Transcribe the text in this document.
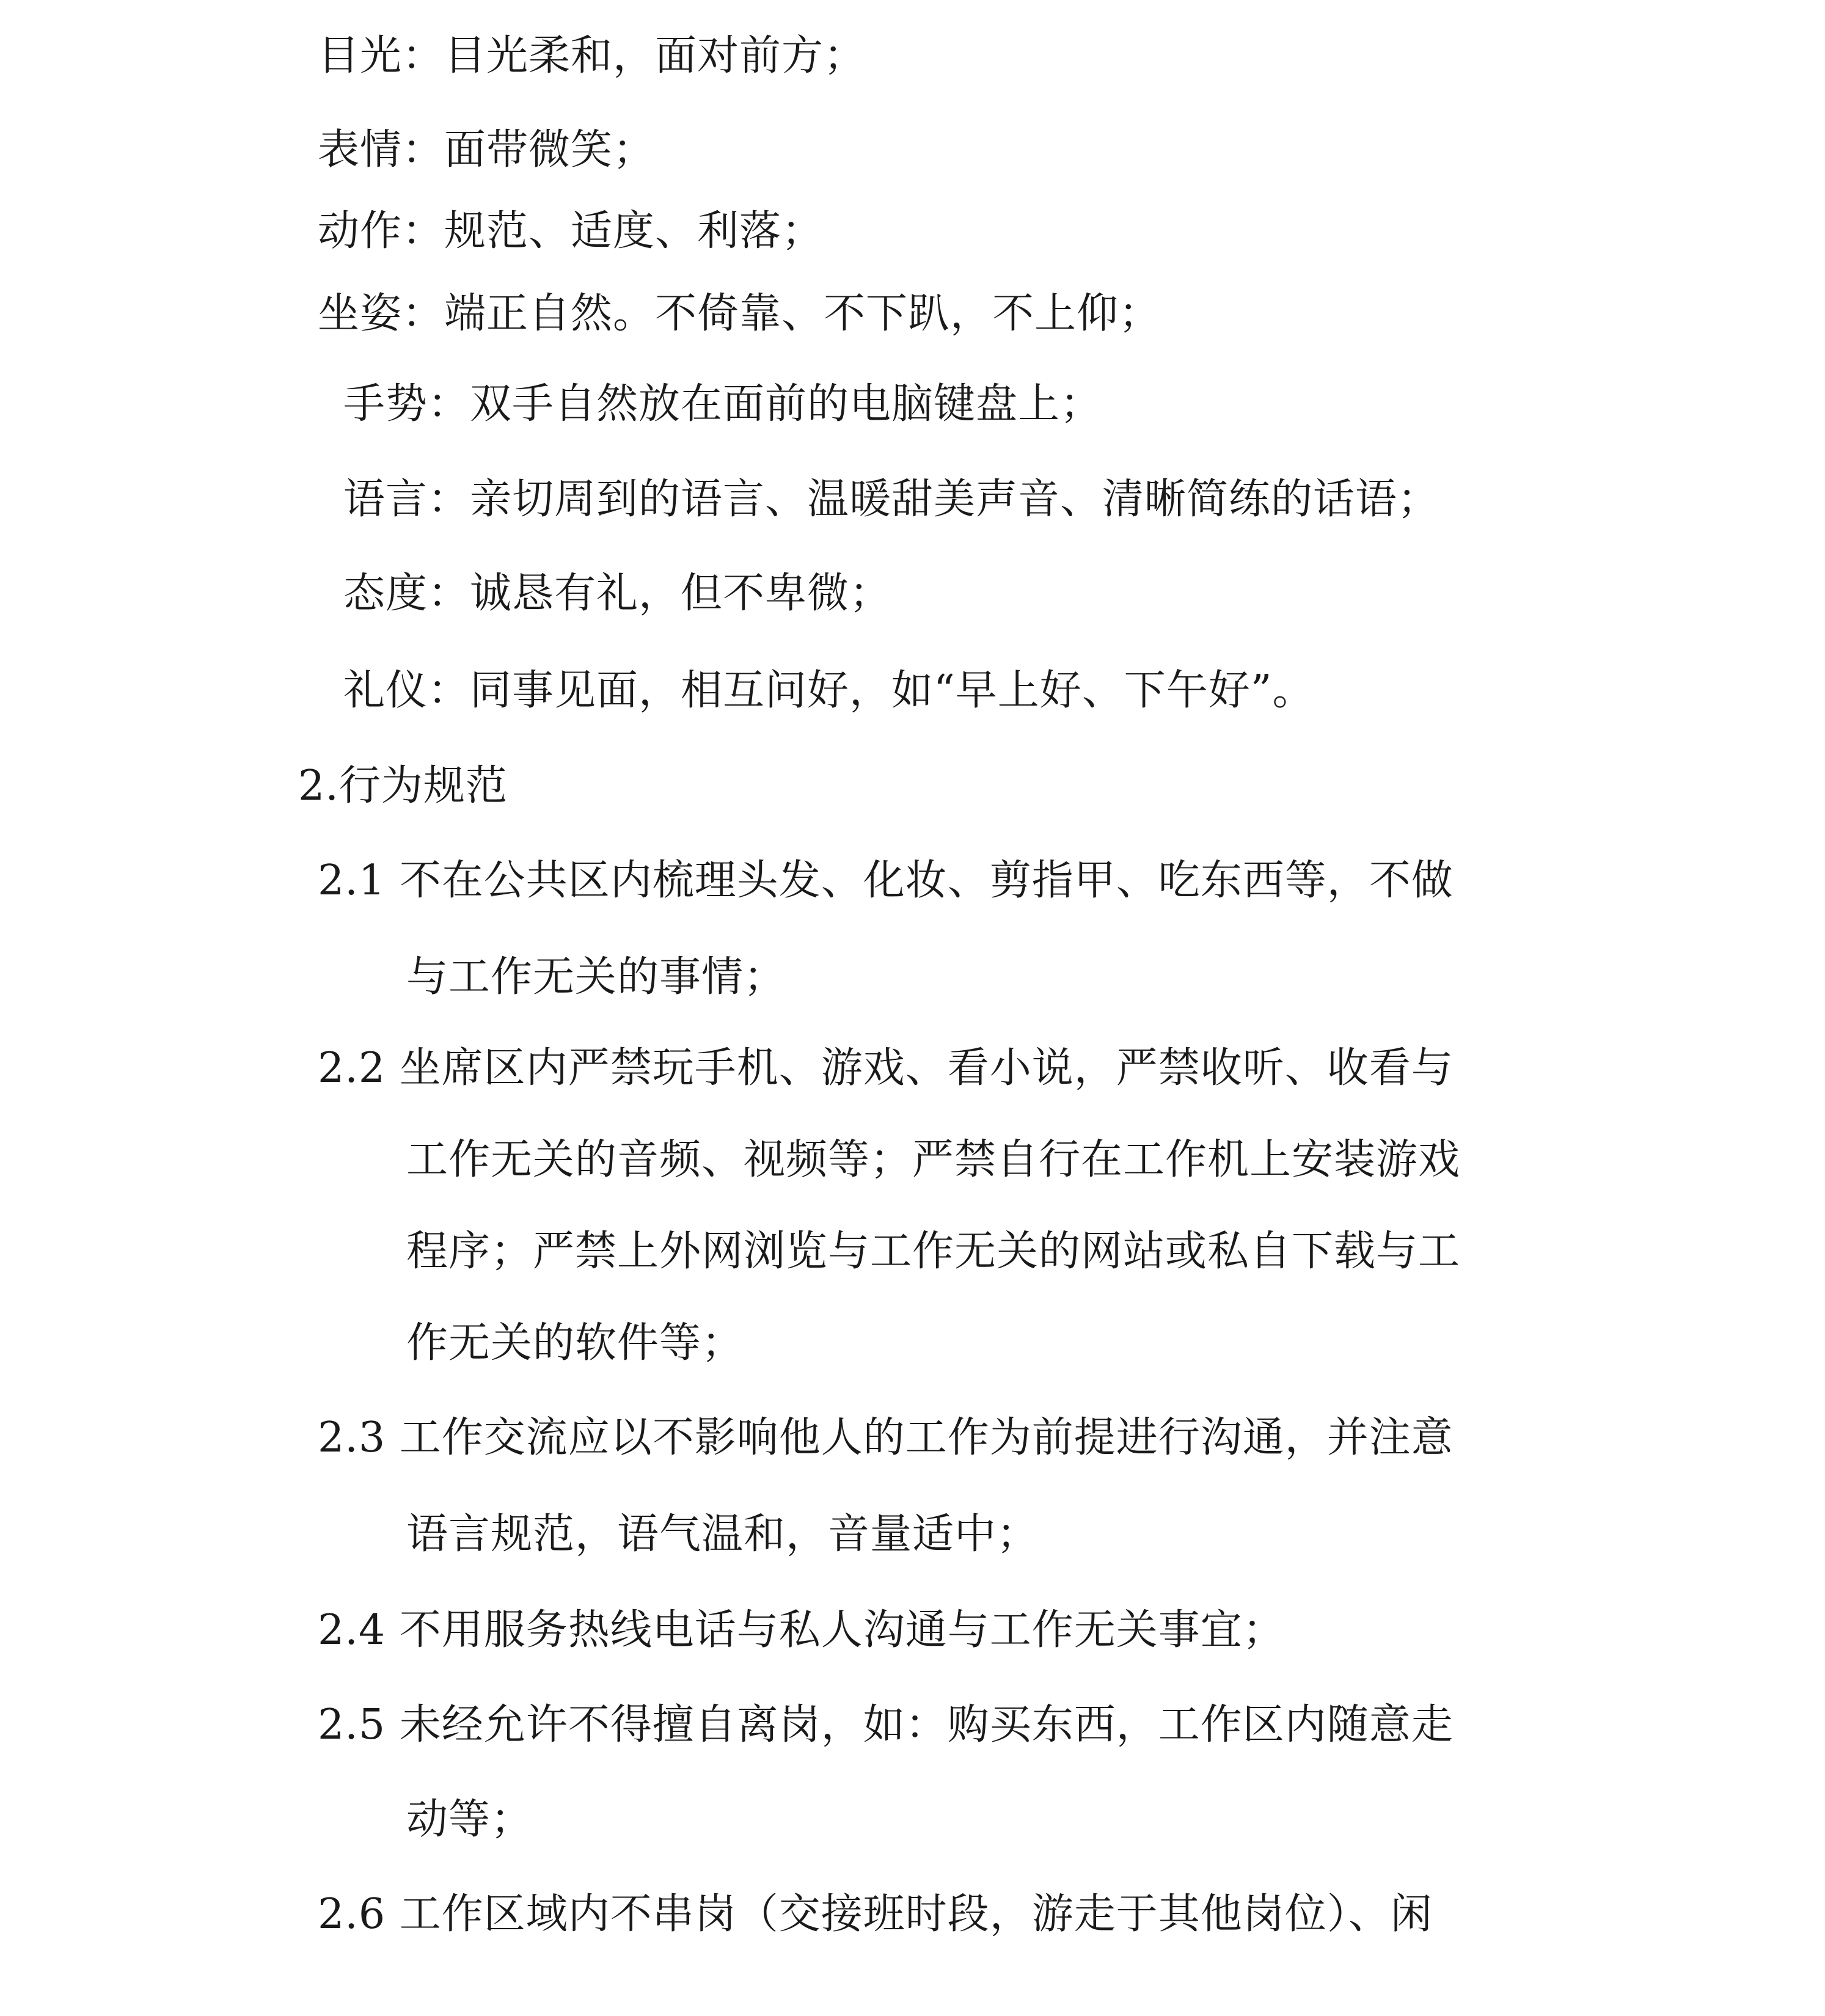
目光：目光柔和，面对前方；
表情：面带微笑；
动作：规范、适度、利落；
坐姿：端正自然。不倚靠、不下趴，不上仰；
手势：双手自然放在面前的电脑键盘上；
语言：亲切周到的语言、温暖甜美声音、清晰简练的话语；
态度：诚恳有礼，但不卑微；
礼仪：同事见面，相互问好，如“早上好、下午好”。
2.行为规范
2.1 不在公共区内梳理头发、化妆、剪指甲、吃东西等，不做
与工作无关的事情；
2.2 坐席区内严禁玩手机、游戏、看小说，严禁收听、收看与
工作无关的音频、视频等；严禁自行在工作机上安装游戏
程序；严禁上外网浏览与工作无关的网站或私自下载与工
作无关的软件等；
2.3 工作交流应以不影响他人的工作为前提进行沟通，并注意
语言规范，语气温和，音量适中；
2.4 不用服务热线电话与私人沟通与工作无关事宜；
2.5 未经允许不得擅自离岗，如：购买东西，工作区内随意走
动等；
2.6 工作区域内不串岗（交接班时段，游走于其他岗位）、闲
